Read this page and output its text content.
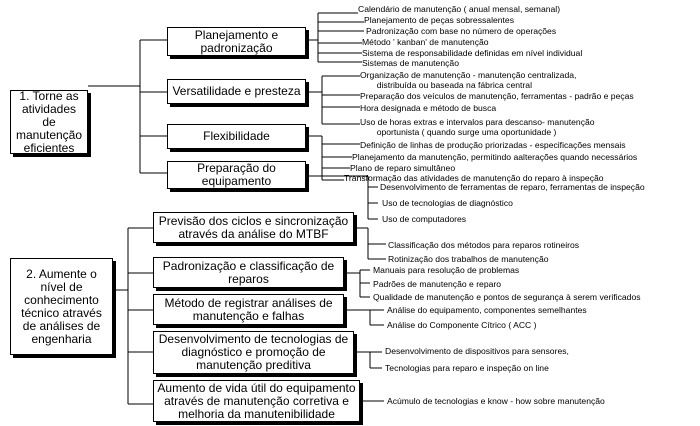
1. Torne as atividades de manutenção eficientes
2. Aumente o nível de conhecimento técnico através de análises de engenharia
Planejamento e padronização
Versatilidade e presteza
Flexibilidade
Preparação do equipamento
Previsão dos ciclos e sincronização através da análise do MTBF
Padronização e classificação de reparos
Método de registrar análises de manutenção e falhas
Desenvolvimento de tecnologias de diagnóstico e promoção de manutenção preditiva
Aumento de vida útil do equipamento através de manutenção corretiva e melhoria da manutenibilidade
Calendário de manutenção ( anual mensal, semanal)
Planejamento de peças sobressalentes
Padronização com base no número de operações
Método ' kanban' de manutenção
Sistema de responsabilidade definidas em nível individual
Sistemas de manutenção
Organização de manutenção - manutenção centralizada,
distribuída ou baseada na fábrica central
Preparação dos veículos de manutenção, ferramentas - padrão e peças
Hora designada e método de busca
Uso de horas extras e intervalos para descanso- manutenção
oportunista ( quando surge uma oportunidade )
Definição de linhas de produção priorizadas - especificações mensais
Planejamento da manutenção, permitindo aalterações quando necessários
Plano de reparo simultâneo
Transformação das atividades de manutenção do reparo à inspeção
Desenvolvimento de ferramentas de reparo, ferramentas de inspeção
Uso de tecnologias de diagnóstico
Uso de computadores
Classificação dos métodos para reparos rotineiros
Rotinização dos trabalhos de manutenção
Manuais para resolução de problemas
Padrões de manutenção e reparo
Qualidade de manutenção e pontos de segurança à serem verificados
Análise do equipamento, componentes semelhantes
Análise do Componente Cítrico ( ACC )
Desenvolvimento de dispositivos para sensores,
Tecnologias para reparo e inspeção on line
Acúmulo de tecnologias e know - how sobre manutenção
